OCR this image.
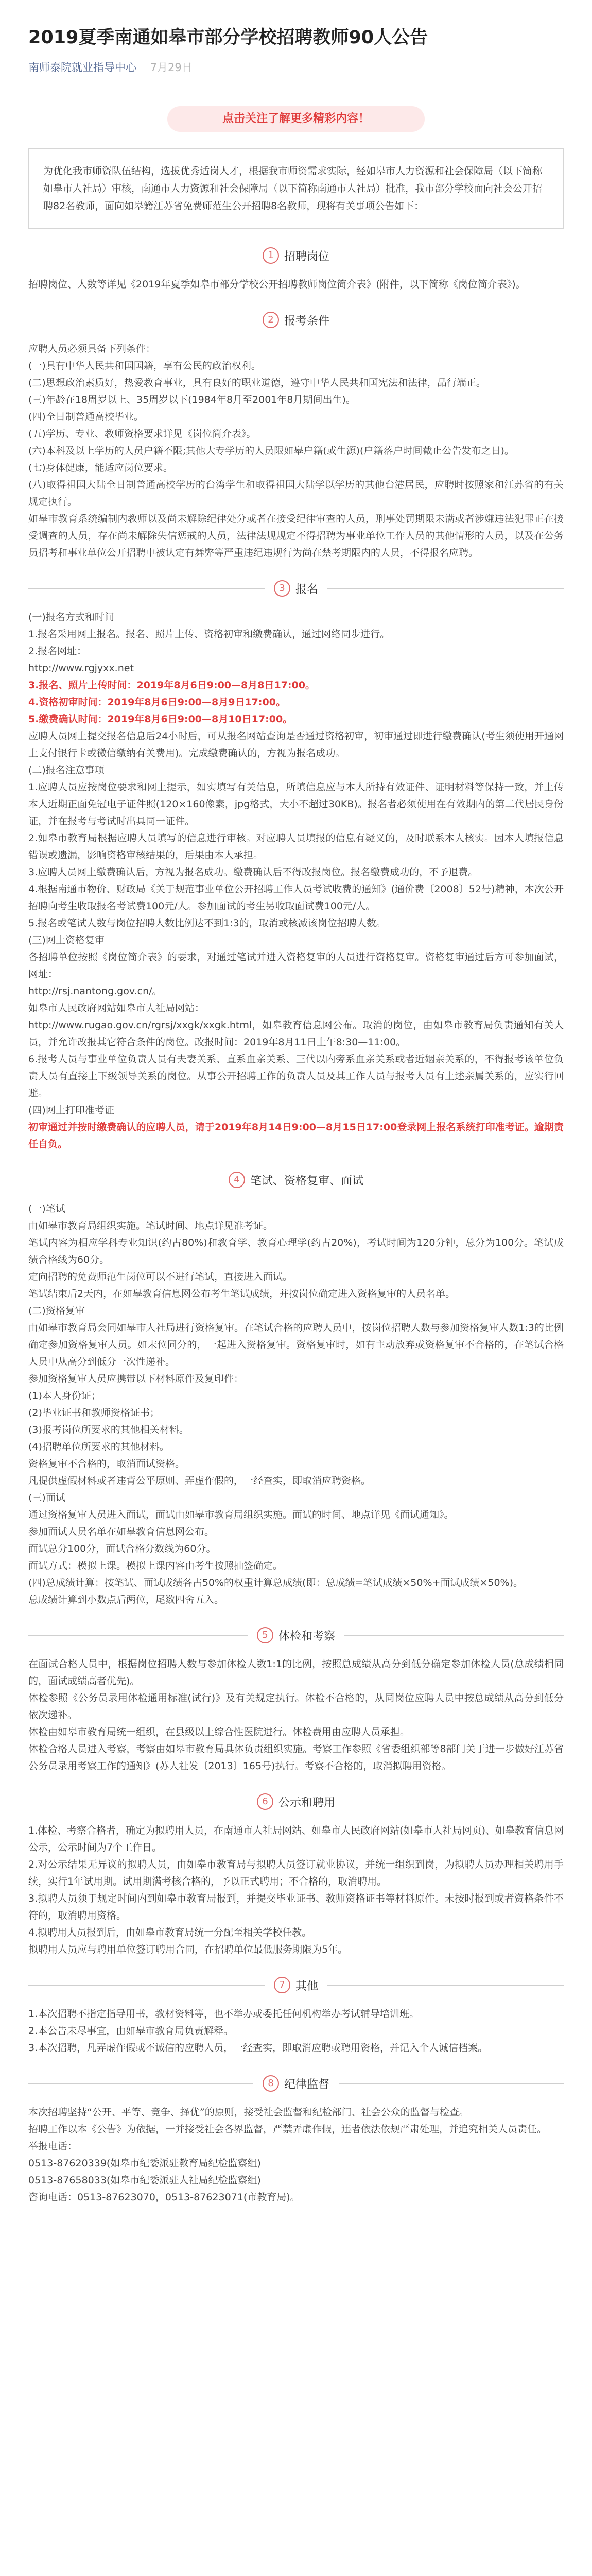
2019夏季南通如皋市部分学校招聘教师90人公告
南师泰院就业指导中心 7月29日
点击关注了解更多精彩内容！
为优化我市师资队伍结构，选拔优秀适岗人才，根据我市师资需求实际，经如皋市人力资源和社会保障局（以下简称如皋市人社局）审核，南通市人力资源和社会保障局（以下简称南通市人社局）批准，我市部分学校面向社会公开招聘82名教师，面向如皋籍江苏省免费师范生公开招聘8名教师，现将有关事项公告如下：
1 招聘岗位

招聘岗位、人数等详见《2019年夏季如皋市部分学校公开招聘教师岗位简介表》(附件，以下简称《岗位简介表》)。

2 报考条件

应聘人员必须具备下列条件：

(一)具有中华人民共和国国籍，享有公民的政治权利。

(二)思想政治素质好，热爱教育事业，具有良好的职业道德，遵守中华人民共和国宪法和法律，品行端正。

(三)年龄在18周岁以上、35周岁以下(1984年8月至2001年8月期间出生)。

(四)全日制普通高校毕业。

(五)学历、专业、教师资格要求详见《岗位简介表》。

(六)本科及以上学历的人员户籍不限;其他大专学历的人员限如皋户籍(或生源)(户籍落户时间截止公告发布之日)。

(七)身体健康，能适应岗位要求。

(八)取得祖国大陆全日制普通高校学历的台湾学生和取得祖国大陆学以学历的其他台港居民，应聘时按照家和江苏省的有关规定执行。

如皋市教育系统编制内教师以及尚未解除纪律处分或者在接受纪律审查的人员，刑事处罚期限未满或者涉嫌违法犯罪正在接受调查的人员，存在尚未解除失信惩戒的人员，法律法规规定不得招聘为事业单位工作人员的其他情形的人员，以及在公务员招考和事业单位公开招聘中被认定有舞弊等严重违纪违规行为尚在禁考期限内的人员，不得报名应聘。

3 报名

(一)报名方式和时间

1.报名采用网上报名。报名、照片上传、资格初审和缴费确认，通过网络同步进行。

2.报名网址：

http://www.rgjyxx.net

3.报名、照片上传时间：2019年8月6日9:00—8月8日17:00。

4.资格初审时间：2019年8月6日9:00—8月9日17:00。

5.缴费确认时间：2019年8月6日9:00—8月10日17:00。

应聘人员网上提交报名信息后24小时后，可从报名网站查询是否通过资格初审，初审通过即进行缴费确认(考生须使用开通网上支付银行卡或微信缴纳有关费用)。完成缴费确认的，方视为报名成功。

(二)报名注意事项

1.应聘人员应按岗位要求和网上提示，如实填写有关信息，所填信息应与本人所持有效证件、证明材料等保持一致，并上传本人近期正面免冠电子证件照(120×160像素，jpg格式，大小不超过30KB)。报名者必须使用在有效期内的第二代居民身份证，并在报考与考试时出具同一证件。

2.如皋市教育局根据应聘人员填写的信息进行审核。对应聘人员填报的信息有疑义的，及时联系本人核实。因本人填报信息错误或遗漏，影响资格审核结果的，后果由本人承担。

3.应聘人员网上缴费确认后，方视为报名成功。缴费确认后不得改报岗位。报名缴费成功的，不予退费。

4.根据南通市物价、财政局《关于规范事业单位公开招聘工作人员考试收费的通知》(通价费〔2008〕52号)精神，本次公开招聘向考生收取报名考试费100元/人。参加面试的考生另收取面试费100元/人。

5.报名或笔试人数与岗位招聘人数比例达不到1:3的，取消或核减该岗位招聘人数。

(三)网上资格复审

各招聘单位按照《岗位简介表》的要求，对通过笔试并进入资格复审的人员进行资格复审。资格复审通过后方可参加面试，网址：

http://rsj.nantong.gov.cn/。

如皋市人民政府网站如皋市人社局网站：

http://www.rugao.gov.cn/rgrsj/xxgk/xxgk.html，如皋教育信息网公布。取消的岗位，由如皋市教育局负责通知有关人员，并允许改报其它符合条件的岗位。改报时间：2019年8月11日上午8:30—11:00。

6.报考人员与事业单位负责人员有夫妻关系、直系血亲关系、三代以内旁系血亲关系或者近姻亲关系的，不得报考该单位负责人员有直接上下级领导关系的岗位。从事公开招聘工作的负责人员及其工作人员与报考人员有上述亲属关系的，应实行回避。

(四)网上打印准考证

初审通过并按时缴费确认的应聘人员，请于2019年8月14日9:00—8月15日17:00登录网上报名系统打印准考证。逾期责任自负。

4 笔试、资格复审、面试

(一)笔试

由如皋市教育局组织实施。笔试时间、地点详见准考证。

笔试内容为相应学科专业知识(约占80%)和教育学、教育心理学(约占20%)，考试时间为120分钟，总分为100分。笔试成绩合格线为60分。

定向招聘的免费师范生岗位可以不进行笔试，直接进入面试。

笔试结束后2天内，在如皋教育信息网公布考生笔试成绩，并按岗位确定进入资格复审的人员名单。

(二)资格复审

由如皋市教育局会同如皋市人社局进行资格复审。在笔试合格的应聘人员中，按岗位招聘人数与参加资格复审人数1:3的比例确定参加资格复审人员。如末位同分的，一起进入资格复审。资格复审时，如有主动放弃或资格复审不合格的，在笔试合格人员中从高分到低分一次性递补。

参加资格复审人员应携带以下材料原件及复印件：

(1)本人身份证；

(2)毕业证书和教师资格证书；

(3)报考岗位所要求的其他相关材料。

(4)招聘单位所要求的其他材料。

资格复审不合格的，取消面试资格。

凡提供虚假材料或者违背公平原则、弄虚作假的，一经查实，即取消应聘资格。

(三)面试

通过资格复审人员进入面试，面试由如皋市教育局组织实施。面试的时间、地点详见《面试通知》。

参加面试人员名单在如皋教育信息网公布。

面试总分100分，面试合格分数线为60分。

面试方式：模拟上课。模拟上课内容由考生按照抽签确定。

(四)总成绩计算：按笔试、面试成绩各占50%的权重计算总成绩(即：总成绩=笔试成绩×50%+面试成绩×50%)。

总成绩计算到小数点后两位，尾数四舍五入。

5 体检和考察

在面试合格人员中，根据岗位招聘人数与参加体检人数1:1的比例，按照总成绩从高分到低分确定参加体检人员(总成绩相同的，面试成绩高者优先)。

体检参照《公务员录用体检通用标准(试行)》及有关规定执行。体检不合格的，从同岗位应聘人员中按总成绩从高分到低分依次递补。

体检由如皋市教育局统一组织，在县级以上综合性医院进行。体检费用由应聘人员承担。

体检合格人员进入考察，考察由如皋市教育局具体负责组织实施。考察工作参照《省委组织部等8部门关于进一步做好江苏省公务员录用考察工作的通知》(苏人社发〔2013〕165号)执行。考察不合格的，取消拟聘用资格。

6 公示和聘用

1.体检、考察合格者，确定为拟聘用人员，在南通市人社局网站、如皋市人民政府网站(如皋市人社局网页)、如皋教育信息网公示，公示时间为7个工作日。

2.对公示结果无异议的拟聘人员，由如皋市教育局与拟聘人员签订就业协议，并统一组织到岗，为拟聘人员办理相关聘用手续，实行1年试用期。试用期满考核合格的，予以正式聘用；不合格的，取消聘用。

3.拟聘人员须于规定时间内到如皋市教育局报到，并提交毕业证书、教师资格证书等材料原件。未按时报到或者资格条件不符的，取消聘用资格。

4.拟聘用人员报到后，由如皋市教育局统一分配至相关学校任教。

拟聘用人员应与聘用单位签订聘用合同，在招聘单位最低服务期限为5年。

7 其他

1.本次招聘不指定指导用书，教材资料等，也不举办或委托任何机构举办考试辅导培训班。

2.本公告未尽事宜，由如皋市教育局负责解释。

3.本次招聘，凡弄虚作假或不诚信的应聘人员，一经查实，即取消应聘或聘用资格，并记入个人诚信档案。

8 纪律监督

本次招聘坚持“公开、平等、竞争、择优”的原则，接受社会监督和纪检部门、社会公众的监督与检查。

招聘工作以本《公告》为依据，一并接受社会各界监督，严禁弄虚作假，违者依法依规严肃处理，并追究相关人员责任。

举报电话：

0513-87620339(如皋市纪委派驻教育局纪检监察组)

0513-87658033(如皋市纪委派驻人社局纪检监察组)

咨询电话：0513-87623070，0513-87623071(市教育局)。
